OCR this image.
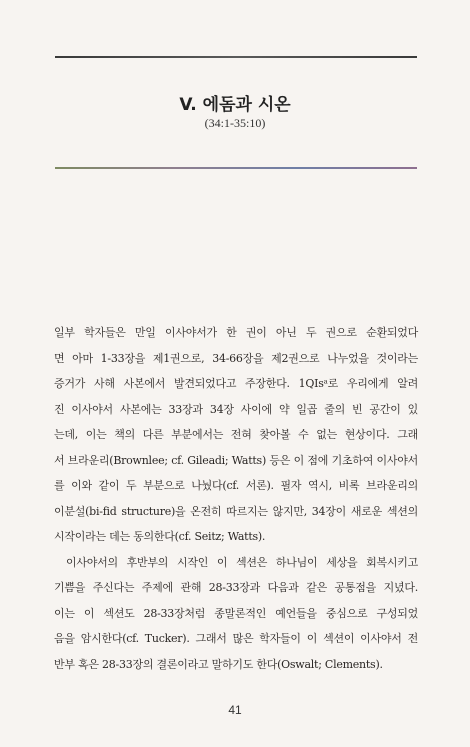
V. 에돔과 시온
(34:1-35:10)
일부 학자들은 만일 이사야서가 한 권이 아닌 두 권으로 순환되었다
면 아마 1-33장을 제1권으로, 34-66장을 제2권으로 나누었을 것이라는
증거가 사해 사본에서 발견되었다고 주장한다. 1QIsᵃ로 우리에게 알려
진 이사야서 사본에는 33장과 34장 사이에 약 일곱 줄의 빈 공간이 있
는데, 이는 책의 다른 부분에서는 전혀 찾아볼 수 없는 현상이다. 그래
서 브라운리(Brownlee; cf. Gileadi; Watts) 등은 이 점에 기초하여 이사야서
를 이와 같이 두 부분으로 나눴다(cf. 서론). 필자 역시, 비록 브라운리의
이분설(bi-fid structure)을 온전히 따르지는 않지만, 34장이 새로운 섹션의
시작이라는 데는 동의한다(cf. Seitz; Watts).
이사야서의 후반부의 시작인 이 섹션은 하나님이 세상을 회복시키고
기쁨을 주신다는 주제에 관해 28-33장과 다음과 같은 공통점을 지녔다.
이는 이 섹션도 28-33장처럼 종말론적인 예언들을 중심으로 구성되었
음을 암시한다(cf. Tucker). 그래서 많은 학자들이 이 섹션이 이사야서 전
반부 혹은 28-33장의 결론이라고 말하기도 한다(Oswalt; Clements).
41
